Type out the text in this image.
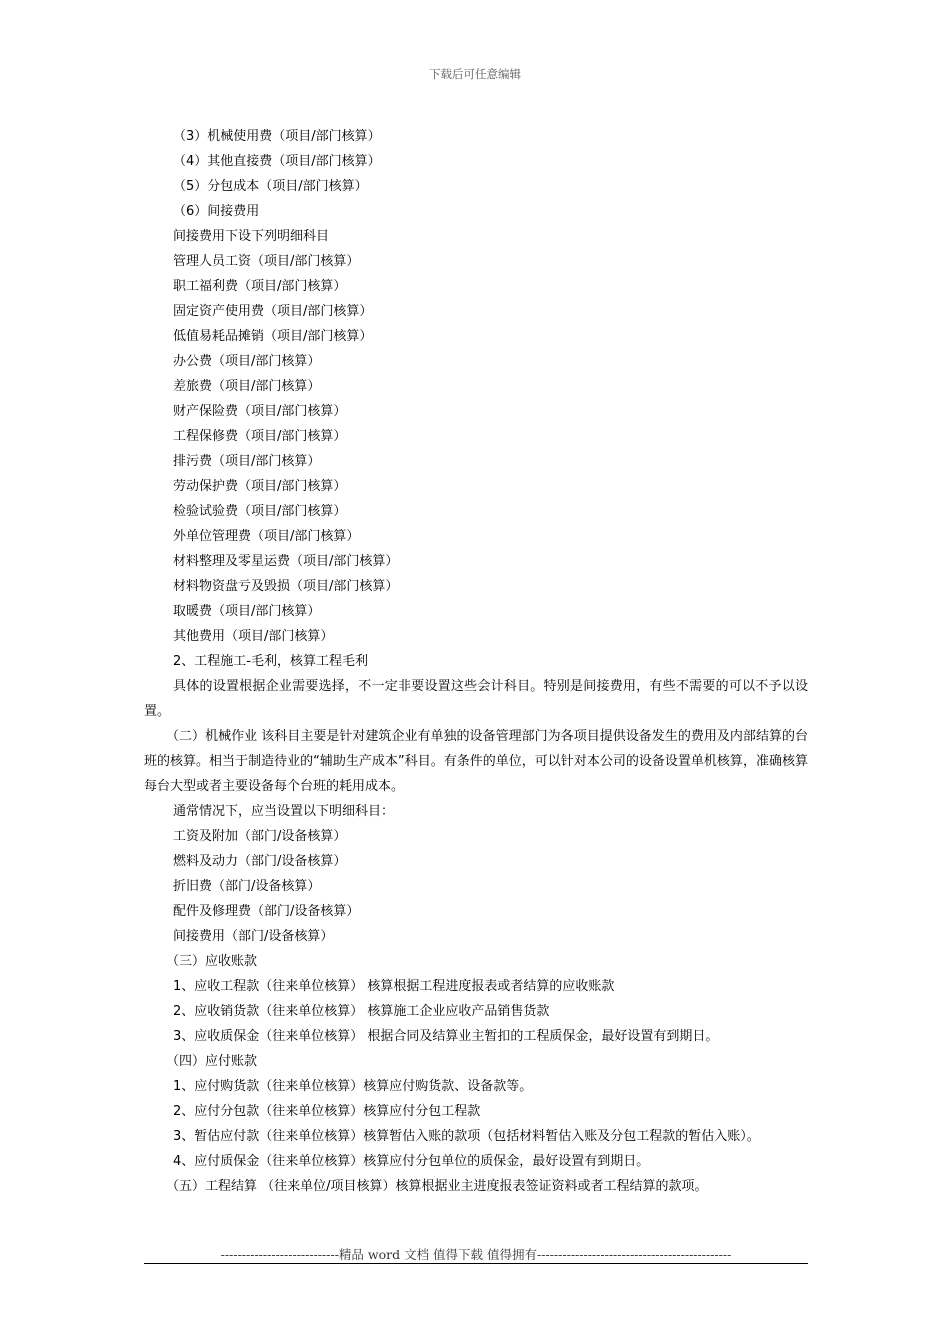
下载后可任意编辑
（3）机械使用费（项目/部门核算）
（4）其他直接费（项目/部门核算）
（5）分包成本（项目/部门核算）
（6）间接费用
间接费用下设下列明细科目
管理人员工资（项目/部门核算）
职工福利费（项目/部门核算）
固定资产使用费（项目/部门核算）
低值易耗品摊销（项目/部门核算）
办公费（项目/部门核算）
差旅费（项目/部门核算）
财产保险费（项目/部门核算）
工程保修费（项目/部门核算）
排污费（项目/部门核算）
劳动保护费（项目/部门核算）
检验试验费（项目/部门核算）
外单位管理费（项目/部门核算）
材料整理及零星运费（项目/部门核算）
材料物资盘亏及毁损（项目/部门核算）
取暖费（项目/部门核算）
其他费用（项目/部门核算）
2、工程施工-毛利，核算工程毛利
具体的设置根据企业需要选择，不一定非要设置这些会计科目。特别是间接费用，有些不需要的可以不予以设置。
（二）机械作业 该科目主要是针对建筑企业有单独的设备管理部门为各项目提供设备发生的费用及内部结算的台班的核算。相当于制造待业的“辅助生产成本”科目。有条件的单位，可以针对本公司的设备设置单机核算，准确核算每台大型或者主要设备每个台班的耗用成本。
通常情况下，应当设置以下明细科目：
工资及附加（部门/设备核算）
燃料及动力（部门/设备核算）
折旧费（部门/设备核算）
配件及修理费（部门/设备核算）
间接费用（部门/设备核算）
（三）应收账款
1、应收工程款（往来单位核算） 核算根据工程进度报表或者结算的应收账款
2、应收销货款（往来单位核算） 核算施工企业应收产品销售货款
3、应收质保金（往来单位核算） 根据合同及结算业主暂扣的工程质保金，最好设置有到期日。
（四）应付账款
1、应付购货款（往来单位核算）核算应付购货款、设备款等。
2、应付分包款（往来单位核算）核算应付分包工程款
3、暂估应付款（往来单位核算）核算暂估入账的款项（包括材料暂估入账及分包工程款的暂估入账）。
4、应付质保金（往来单位核算）核算应付分包单位的质保金，最好设置有到期日。
（五）工程结算 （往来单位/项目核算）核算根据业主进度报表签证资料或者工程结算的款项。
----------------------------精品 word 文档 值得下载 值得拥有----------------------------------------------
